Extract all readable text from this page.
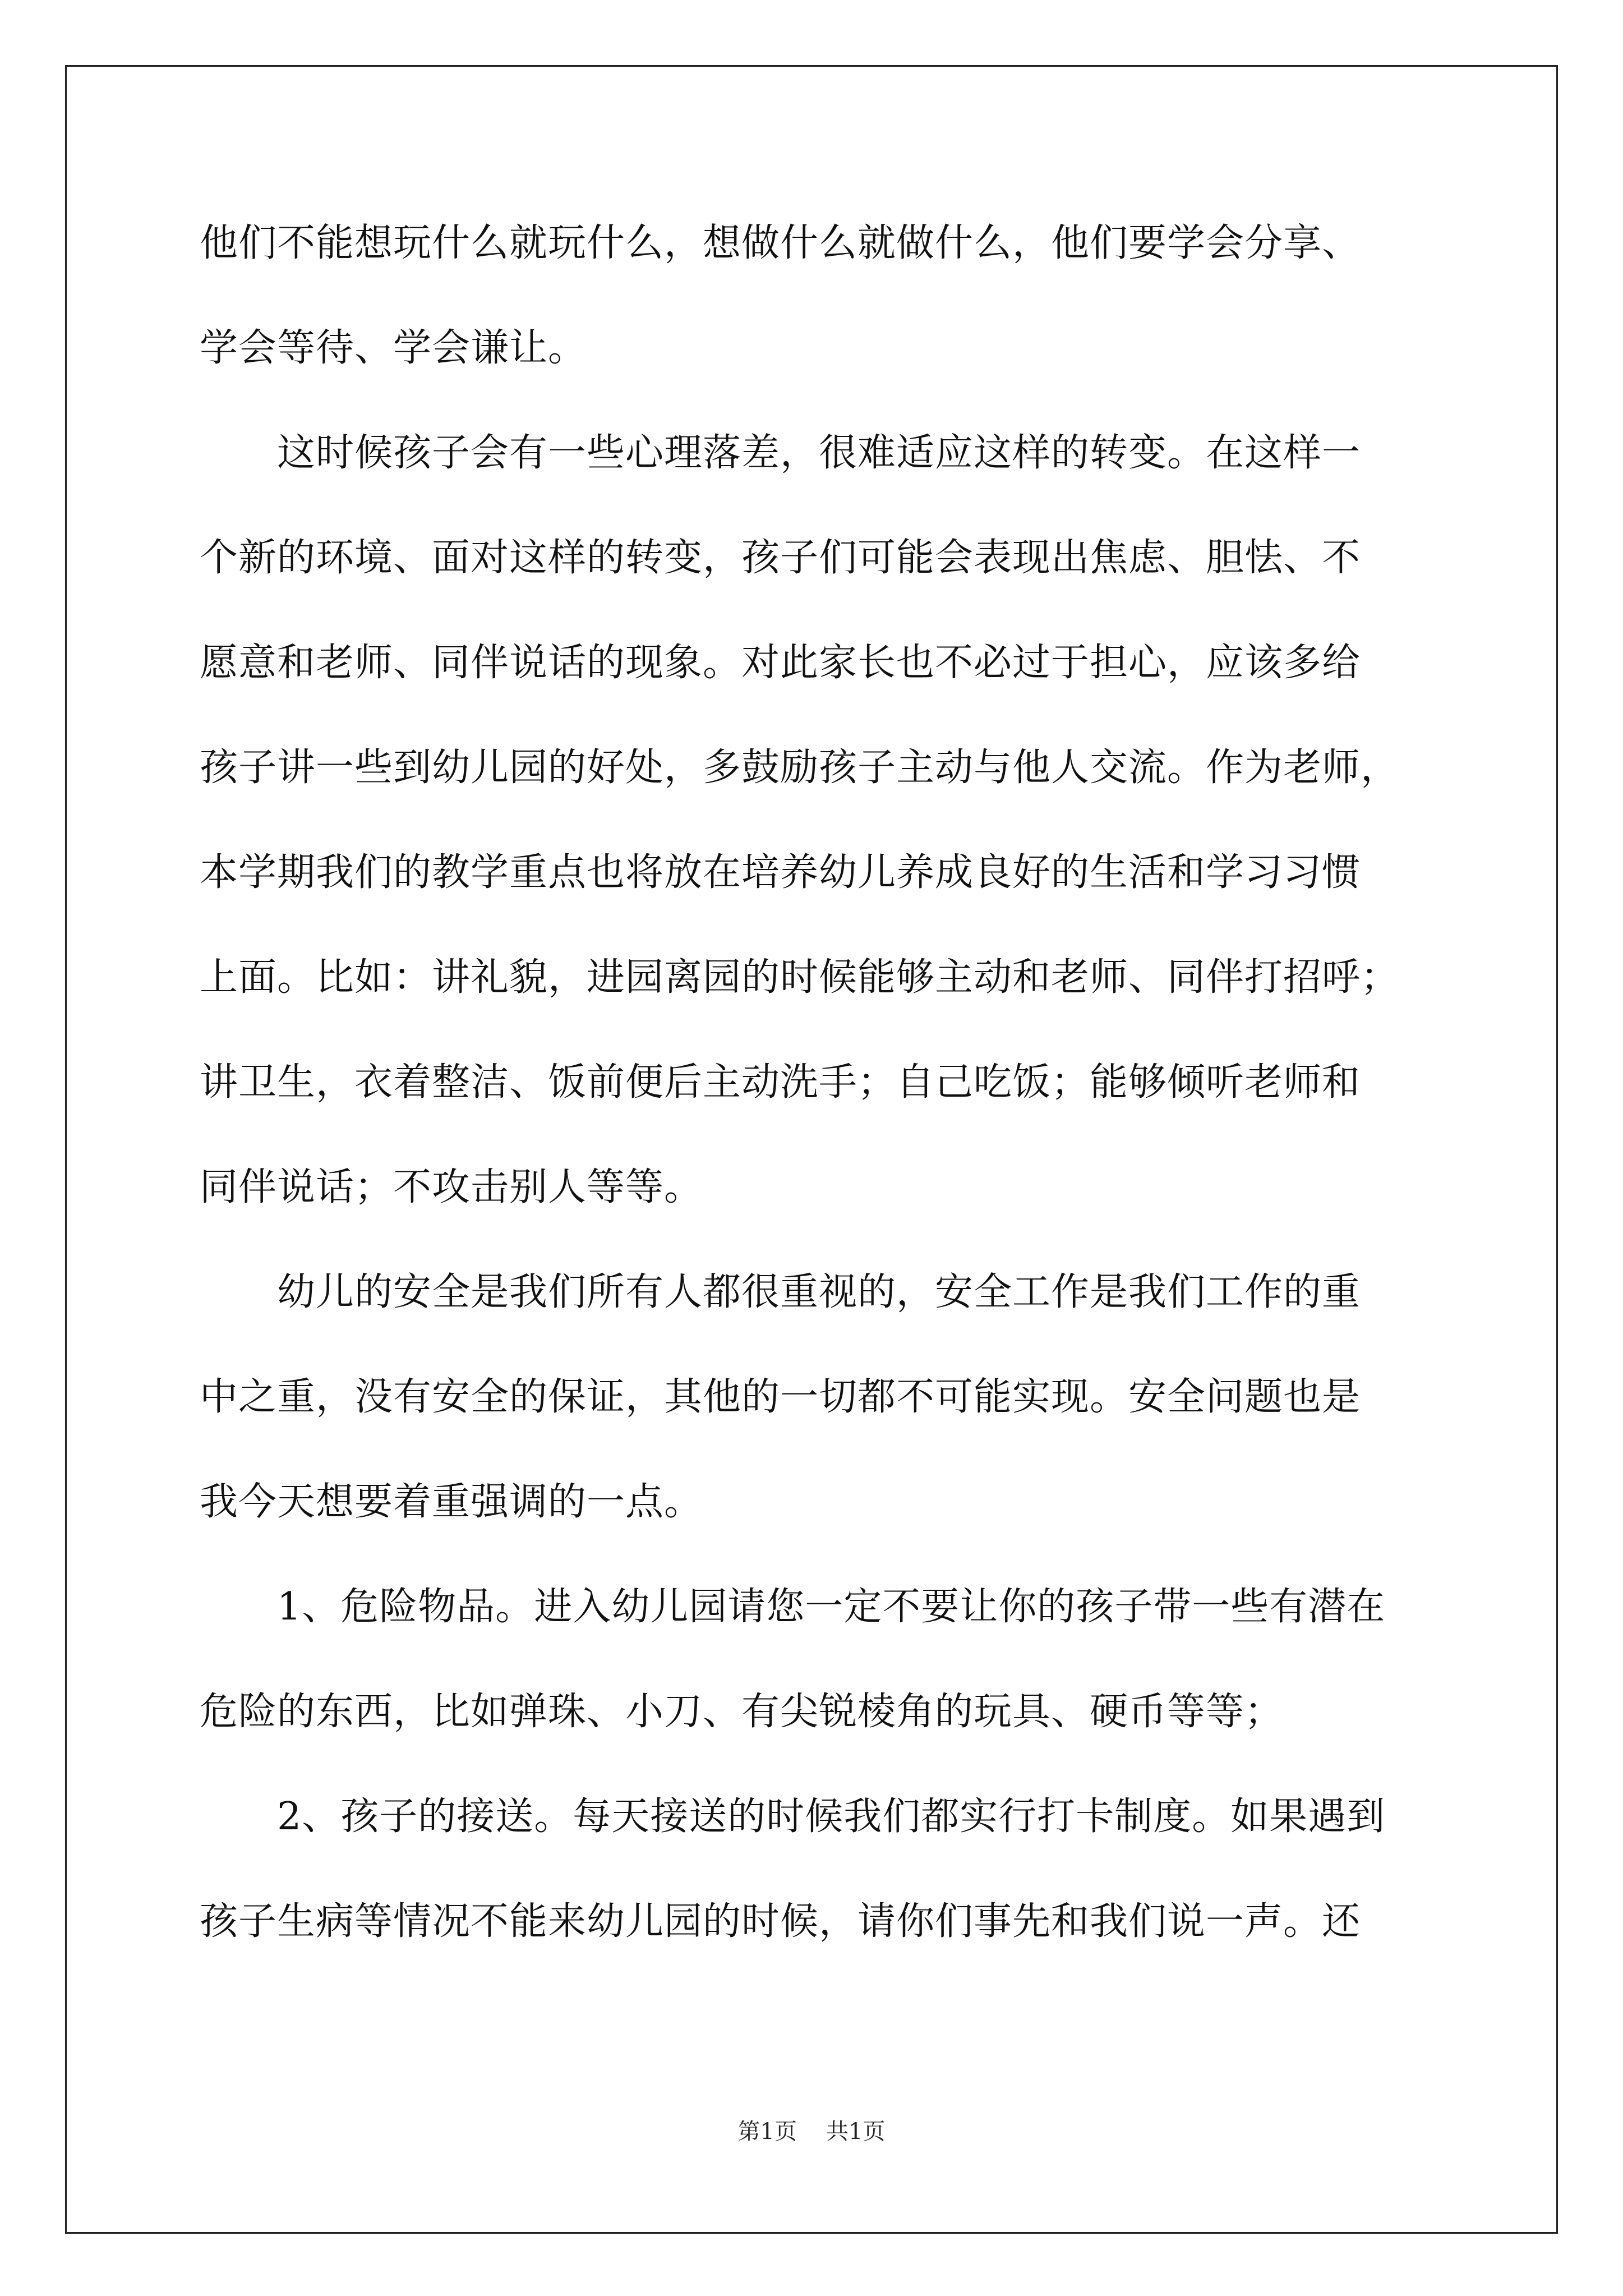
他们不能想玩什么就玩什么，想做什么就做什么，他们要学会分享、
学会等待、学会谦让。
　　这时候孩子会有一些心理落差，很难适应这样的转变。在这样一
个新的环境、面对这样的转变，孩子们可能会表现出焦虑、胆怯、不
愿意和老师、同伴说话的现象。对此家长也不必过于担心，应该多给
孩子讲一些到幼儿园的好处，多鼓励孩子主动与他人交流。作为老师，
本学期我们的教学重点也将放在培养幼儿养成良好的生活和学习习惯
上面。比如：讲礼貌，进园离园的时候能够主动和老师、同伴打招呼；
讲卫生，衣着整洁、饭前便后主动洗手；自己吃饭；能够倾听老师和
同伴说话；不攻击别人等等。
　　幼儿的安全是我们所有人都很重视的，安全工作是我们工作的重
中之重，没有安全的保证，其他的一切都不可能实现。安全问题也是
我今天想要着重强调的一点。
　　1、危险物品。进入幼儿园请您一定不要让你的孩子带一些有潜在
危险的东西，比如弹珠、小刀、有尖锐棱角的玩具、硬币等等；
　　2、孩子的接送。每天接送的时候我们都实行打卡制度。如果遇到
孩子生病等情况不能来幼儿园的时候，请你们事先和我们说一声。还
第1页 共1页
